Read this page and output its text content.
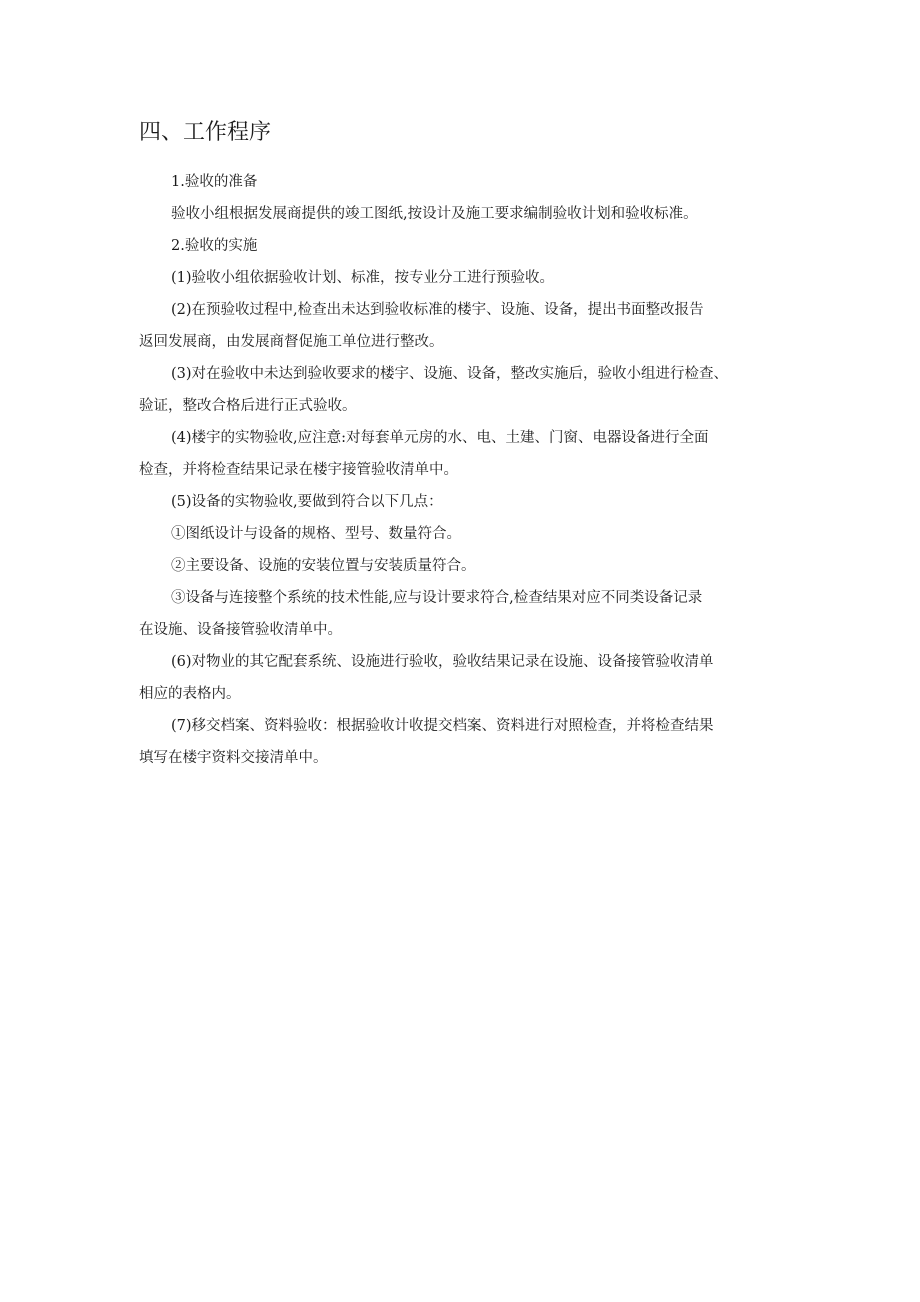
四、工作程序

1.验收的准备

验收小组根据发展商提供的竣工图纸,按设计及施工要求编制验收计划和验收标准。

2.验收的实施

(1)验收小组依据验收计划、标准，按专业分工进行预验收。

(2)在预验收过程中,检查出未达到验收标准的楼宇、设施、设备，提出书面整改报告

返回发展商，由发展商督促施工单位进行整改。

(3)对在验收中未达到验收要求的楼宇、设施、设备，整改实施后，验收小组进行检查、

验证，整改合格后进行正式验收。

(4)楼宇的实物验收,应注意:对每套单元房的水、电、土建、门窗、电器设备进行全面

检查，并将检查结果记录在楼宇接管验收清单中。

(5)设备的实物验收,要做到符合以下几点：

①图纸设计与设备的规格、型号、数量符合。

②主要设备、设施的安装位置与安装质量符合。

③设备与连接整个系统的技术性能,应与设计要求符合,检查结果对应不同类设备记录

在设施、设备接管验收清单中。

(6)对物业的其它配套系统、设施进行验收，验收结果记录在设施、设备接管验收清单

相应的表格内。

(7)移交档案、资料验收：根据验收计收提交档案、资料进行对照检查，并将检查结果

填写在楼宇资料交接清单中。
